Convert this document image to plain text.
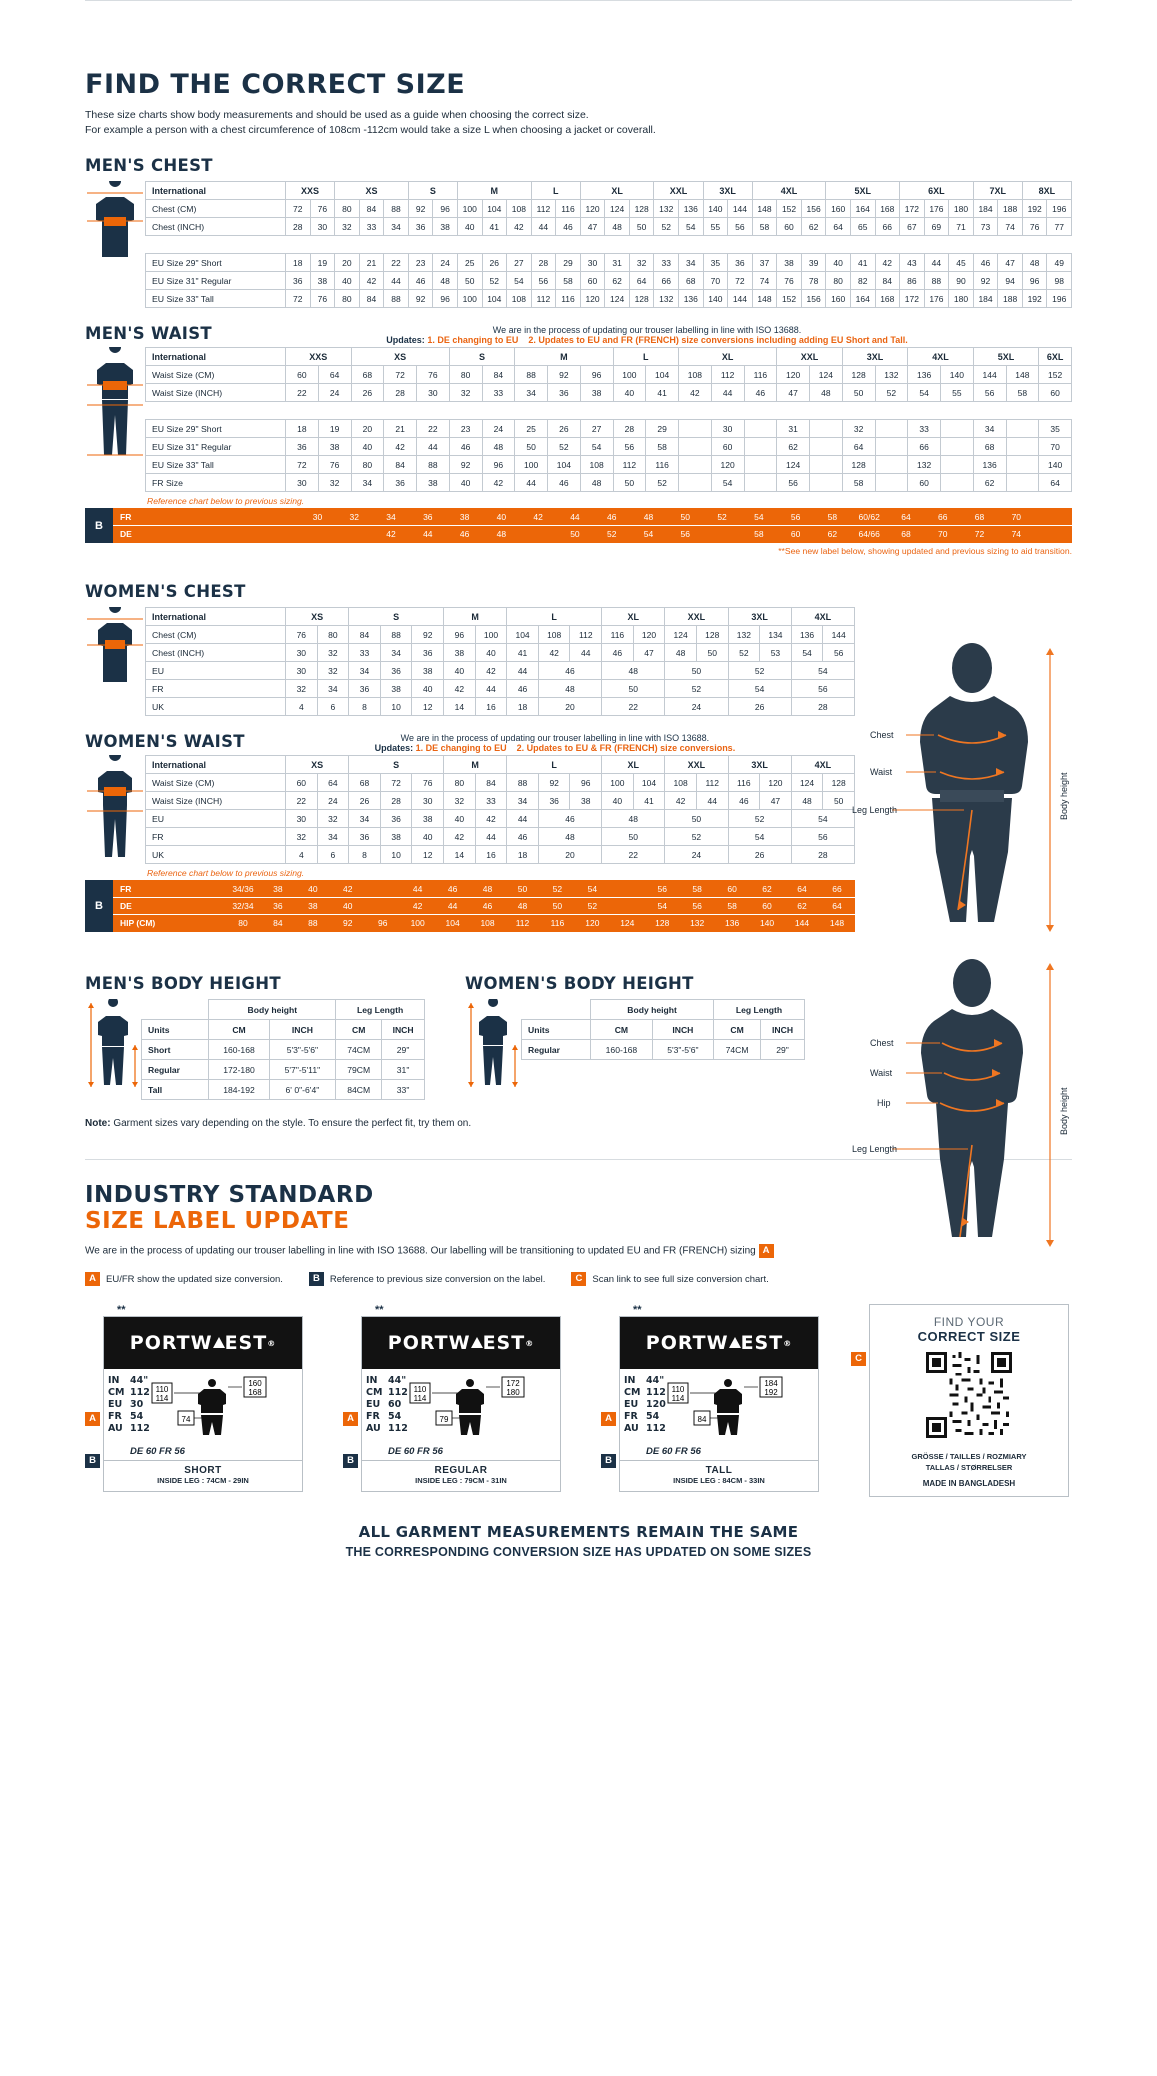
FIND THE CORRECT SIZE
These size charts show body measurements and should be used as a guide when choosing the correct size.
For example a person with a chest circumference of 108cm -112cm would take a size L when choosing a jacket or coverall.
MEN'S CHEST
International	XXS		XS			S		M			L		XL			XXL		3XL		4XL			5XL			6XL			7XL		8XL	
Chest (CM)	72	76	80	84	88	92	96	100	104	108	112	116	120	124	128	132	136	140	144	148	152	156	160	164	168	172	176	180	184	188	192	196
Chest (INCH)	28	30	32	33	34	36	38	40	41	42	44	46	47	48	50	52	54	55	56	58	60	62	64	65	66	67	69	71	73	74	76	77

EU Size 29" Short	18	19	20	21	22	23	24	25	26	27	28	29	30	31	32	33	34	35	36	37	38	39	40	41	42	43	44	45	46	47	48	49
EU Size 31" Regular	36	38	40	42	44	46	48	50	52	54	56	58	60	62	64	66	68	70	72	74	76	78	80	82	84	86	88	90	92	94	96	98
EU Size 33" Tall	72	76	80	84	88	92	96	100	104	108	112	116	120	124	128	132	136	140	144	148	152	156	160	164	168	172	176	180	184	188	192	196
MEN'S WAIST	We are in the process of updating our trouser labelling in line with ISO 13688.
Updates: 1. DE changing to EU 2. Updates to EU and FR (FRENCH) size conversions including adding EU Short and Tall.
International	XXS		XS			S		M			L		XL			XXL		3XL		4XL		5XL		6XL
Waist Size (CM)	60	64	68	72	76	80	84	88	92	96	100	104	108	112	116	120	124	128	132	136	140	144	148	152
Waist Size (INCH)	22	24	26	28	30	32	33	34	36	38	40	41	42	44	46	47	48	50	52	54	55	56	58	60

EU Size 29" Short	18	19	20	21	22	23	24	25	26	27	28	29		30		31		32		33		34		35
EU Size 31" Regular	36	38	40	42	44	46	48	50	52	54	56	58		60		62		64		66		68		70
EU Size 33" Tall	72	76	80	84	88	92	96	100	104	108	112	116		120		124		128		132		136		140
FR Size	30	32	34	36	38	40	42	44	46	48	50	52		54		56		58		60		62		64
Reference chart below to previous sizing.
B
FR			30	32	34	36	38	40	42	44	46	48	50	52	54	56	58	60/62	64	66	68	70	
DE					42	44	46	48		50	52	54	56		58	60	62	64/66	68	70	72	74	
**See new label below, showing updated and previous sizing to aid transition.
WOMEN'S CHEST
International	XS		S			M		L			XL		XXL		3XL		4XL	
Chest (CM)	76	80	84	88	92	96	100	104	108	112	116	120	124	128	132	134	136	144
Chest (INCH)	30	32	33	34	36	38	40	41	42	44	46	47	48	50	52	53	54	56
EU	30	32	34	36	38	40	42	44	46		48		50		52		54	
FR	32	34	36	38	40	42	44	46	48		50		52		54		56	
UK	4	6	8	10	12	14	16	18	20		22		24		26		28	
WOMEN'S WAIST	We are in the process of updating our trouser labelling in line with ISO 13688.
Updates: 1. DE changing to EU 2. Updates to EU & FR (FRENCH) size conversions.
International	XS		S			M		L			XL		XXL		3XL		4XL	
Waist Size (CM)	60	64	68	72	76	80	84	88	92	96	100	104	108	112	116	120	124	128
Waist Size (INCH)	22	24	26	28	30	32	33	34	36	38	40	41	42	44	46	47	48	50
EU	30	32	34	36	38	40	42	44	46		48		50		52		54	
FR	32	34	36	38	40	42	44	46	48		50		52		54		56	
UK	4	6	8	10	12	14	16	18	20		22		24		26		28	
Reference chart below to previous sizing.
B
FR	34/36	38	40	42		44	46	48	50	52	54		56	58	60	62	64	66
DE	32/34	36	38	40		42	44	46	48	50	52		54	56	58	60	62	64
HIP (CM)	80	84	88	92	96	100	104	108	112	116	120	124	128	132	136	140	144	148
MEN'S BODY HEIGHT
	Body height		Leg Length	
Units	CM	INCH	CM	INCH
Short	160-168	5'3"-5'6"	74CM	29"
Regular	172-180	5'7"-5'11"	79CM	31"
Tall	184-192	6' 0"-6'4"	84CM	33"
WOMEN'S BODY HEIGHT
	Body height		Leg Length	
Units	CM	INCH	CM	INCH
Regular	160-168	5'3"-5'6"	74CM	29"
Note: Garment sizes vary depending on the style. To ensure the perfect fit, try them on.
INDUSTRY STANDARD
SIZE LABEL UPDATE
We are in the process of updating our trouser labelling in line with ISO 13688. Our labelling will be transitioning to updated EU and FR (FRENCH) sizing A
A	EU/FR show the updated size conversion.	B	Reference to previous size conversion on the label.	C	Scan link to see full size conversion chart.
**
A
B
PORTW EST ®
IN	44"
CM 112
EU 30
FR 54
AU 112
110
114
160
168
74
DE 60 FR 56
SHORT
INSIDE LEG : 74CM - 29IN
**
A
B
PORTW EST ®
IN	44"
CM 112
EU 60
FR 54
AU 112
110
114
172
180
79
DE 60 FR 56
REGULAR
INSIDE LEG : 79CM - 31IN
**
A
B
PORTW EST ®
IN	44"
CM 112
EU 120
FR 54
AU 112
110
114
184
192
84
DE 60 FR 56
TALL
INSIDE LEG : 84CM - 33IN
C
FIND YOUR
CORRECT SIZE
GRÖSSE / TAILLES / ROZMIARY
TALLAS / STØRRELSER
MADE IN BANGLADESH
ALL GARMENT MEASUREMENTS REMAIN THE SAME
THE CORRESPONDING CONVERSION SIZE HAS UPDATED ON SOME SIZES
Chest
Waist
Leg Length	Body height

Chest
Waist
Hip
Leg Length
Body height
